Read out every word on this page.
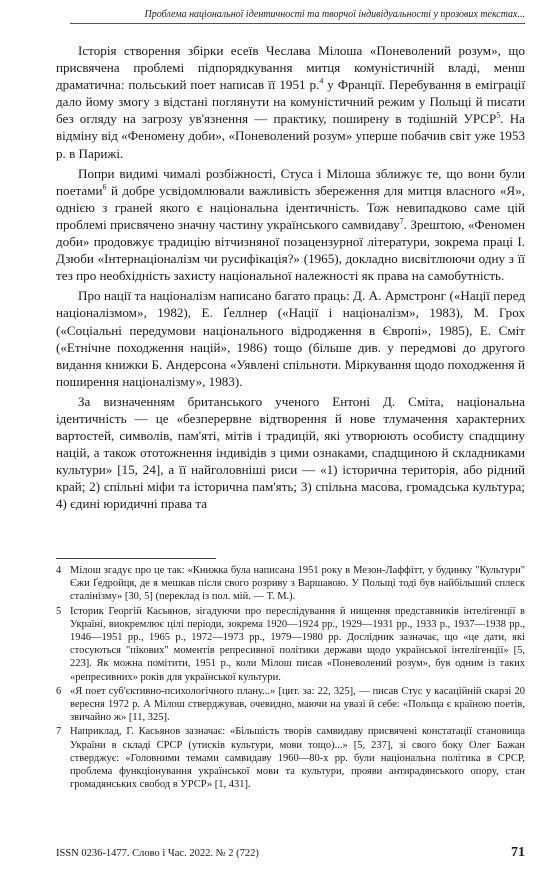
Проблема національної ідентичності та творчої індивідуальності у прозових текстах...

Історія створення збірки есеїв Чеслава Мілоша «Поневолений розум», що присвячена проблемі підпорядкування митця комуністичній владі, менш драматична: польський поет написав її 1951 р.$^4$ у Франції. Перебування в еміграції дало йому змогу з відстані поглянути на комуністичний режим у Польщі й писати без огляду на загрозу ув'язнення — практику, поширену в тодішній УРСР$^5$. На відміну від «Феномену доби», «Поневолений розум» уперше побачив світ уже 1953 р. в Парижі.

Попри видимі чималі розбіжності, Стуса і Мілоша зближує те, що вони були поетами$^6$ й добре усвідомлювали важливість збереження для митця власного «Я», однією з граней якого є національна ідентичність. Тож невипадково саме цій проблемі присвячено значну частину українського самвидаву$^7$. Зрештою, «Феномен доби» продовжує традицію вітчизняної позацензурної літератури, зокрема праці І. Дзюби «Інтернаціоналізм чи русифікація?» (1965), докладно висвітлюючи одну з її тез про необхідність захисту національної належності як права на самобутність.

Про нації та націоналізм написано багато праць: Д. А. Армстронг («Нації перед націоналізмом», 1982), Е. Ґеллнер («Нації і націоналізм», 1983), М. Грох («Соціальні передумови національного відродження в Європі», 1985), Е. Сміт («Етнічне походження націй», 1986) тощо (більше див. у передмові до другого видання книжки Б. Андерсона «Уявлені спільноти. Міркування щодо походження й поширення націоналізму», 1983).

За визначенням британського ученого Ентоні Д. Сміта, національна ідентичність — це «безперервне відтворення й нове тлумачення характерних вартостей, символів, пам'яті, мітів і традицій, які утворюють особисту спадщину націй, а також ототожнення індивідів з цими ознаками, спадщиною й складниками культури» [15, 24], а її найголовніші риси — «1) історична територія, або рідний край; 2) спільні міфи та історична пам'ять; 3) спільна масова, громадська культура; 4) єдині юридичні права та

4 Мілош згадує про це так: «Книжка була написана 1951 року в Мезон-Лаффітт, у будинку "Культури" Єжи Ґедройця, де я мешкав після свого розриву з Варшавою. У Польщі тоді був найбільший сплеск сталінізму» [30, 5] (переклад із пол. мій. — Т. М.).
5 Історик Георгій Касьянов, зігадуючи про переслідування й нищення представників інтелігенції в Україні, виокремлює цілі періоди, зокрема 1920—1924 рр., 1929—1931 рр., 1933 р., 1937—1938 рр., 1946—1951 рр., 1965 р., 1972—1973 рр., 1979—1980 рр. Дослідник зазначає, що «це дати, які стосуються "пікових" моментів репресивної політики держави щодо української інтелігенції» [5, 223]. Як можна помітити, 1951 р., коли Мілош писав «Поневолений розум», був одним із таких «репресивних» років для української культури.
6 «Я поет суб'єктивно-психологічного плану...» [цит. за: 22, 325], — писав Стус у касаційній скарзі 20 вересня 1972 р. А Мілош стверджував, очевидно, маючи на увазі й себе: «Польща є країною поетів, звичайно ж» [11, 325].
7 Наприклад, Г. Касьянов зазначає: «Більшість творів самвидаву присвячені констатації становища України в складі СРСР (утисків культури, мови тощо)...» [5, 237], зі свого боку Олег Бажан стверджує: «Головними темами самвидаву 1960—80-х рр. були національна політика в СРСР, проблема функціонування української мови та культури, прояви антирадянського опору, стан громадянських свобод в УРСР» [1, 431].
ISSN 0236-1477. Слово і Час. 2022. № 2 (722)	71
